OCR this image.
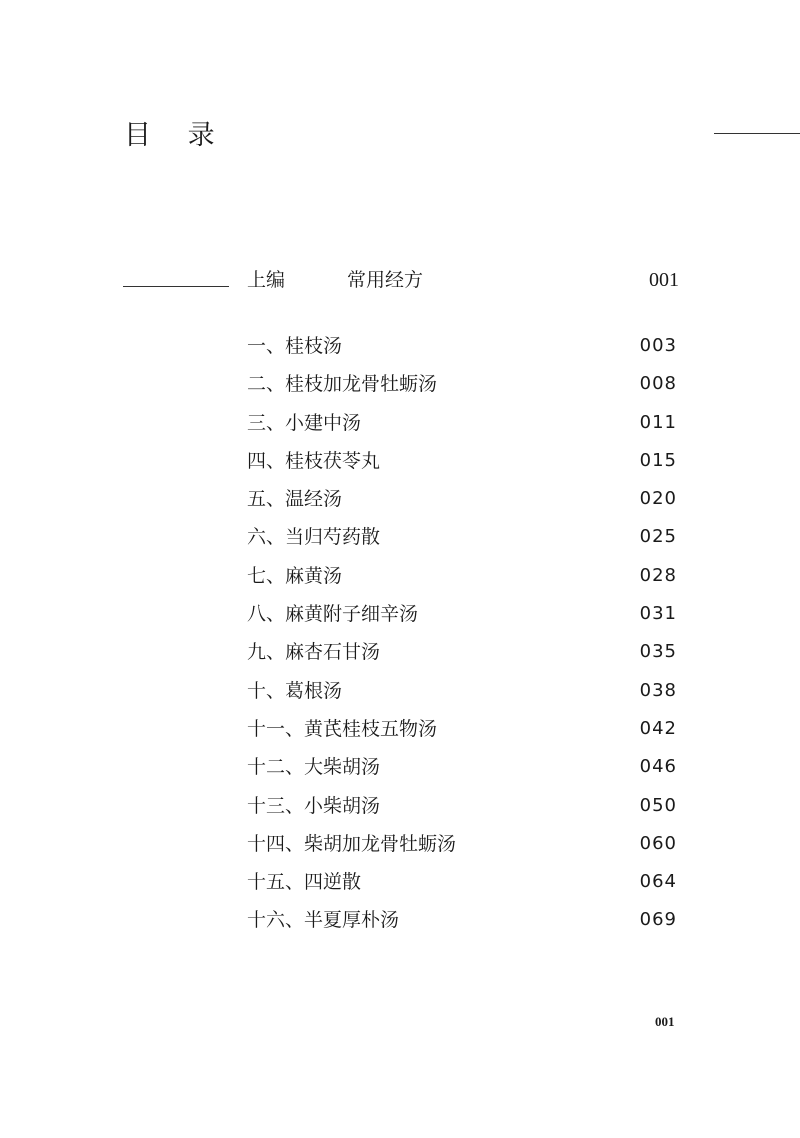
目 录
上编	常用经方	001
一、桂枝汤	003
二、桂枝加龙骨牡蛎汤	008
三、小建中汤	011
四、桂枝茯苓丸	015
五、温经汤	020
六、当归芍药散	025
七、麻黄汤	028
八、麻黄附子细辛汤	031
九、麻杏石甘汤	035
十、葛根汤	038
十一、黄芪桂枝五物汤	042
十二、大柴胡汤	046
十三、小柴胡汤	050
十四、柴胡加龙骨牡蛎汤	060
十五、四逆散	064
十六、半夏厚朴汤	069
001
